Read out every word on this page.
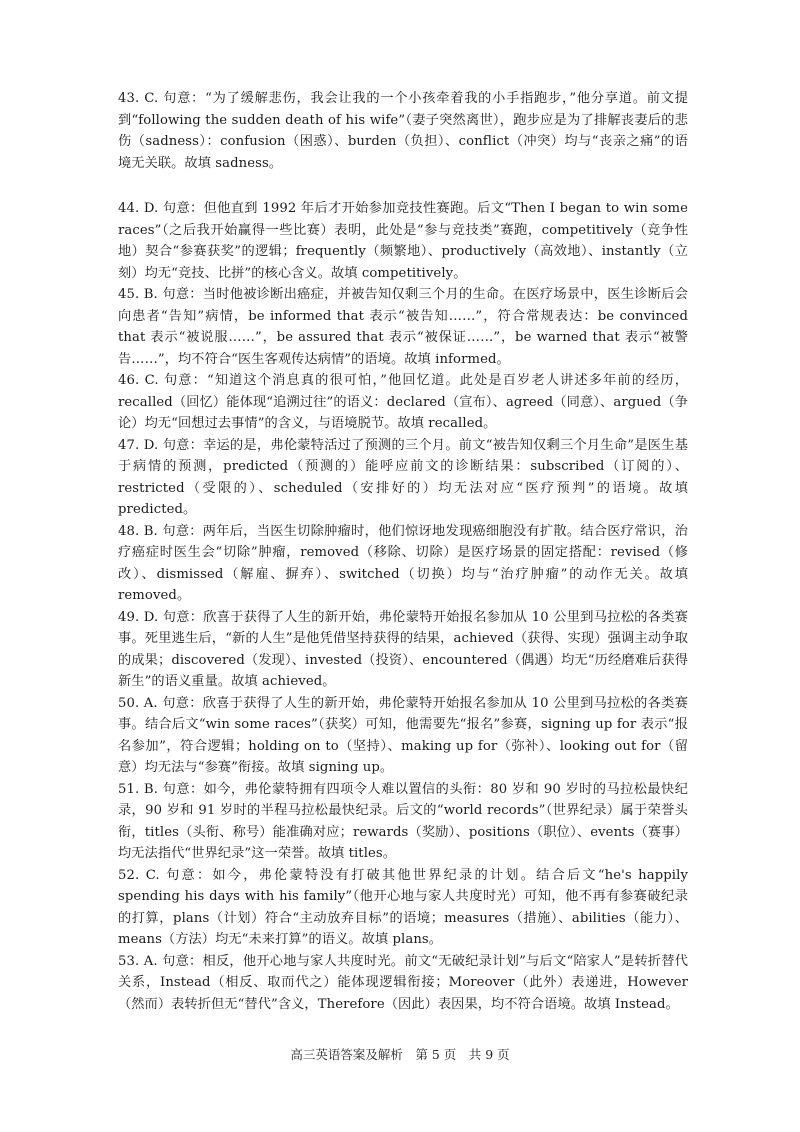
43. C. 句意：“为了缓解悲伤，我会让我的一个小孩牵着我的小手指跑步，”他分享道。前文提到“following the sudden death of his wife”（妻子突然离世），跑步应是为了排解丧妻后的悲伤（sadness）：confusion（困惑）、burden（负担）、conflict（冲突）均与“丧亲之痛”的语境无关联。故填 sadness。

44. D. 句意：但他直到 1992 年后才开始参加竞技性赛跑。后文“Then I began to win some races”（之后我开始赢得一些比赛）表明，此处是“参与竞技类”赛跑，competitively（竞争性地）契合“参赛获奖”的逻辑；frequently（频繁地）、productively（高效地）、instantly（立刻）均无“竞技、比拼”的核心含义。故填 competitively。

45. B. 句意：当时他被诊断出癌症，并被告知仅剩三个月的生命。在医疗场景中，医生诊断后会向患者“告知”病情，be informed that 表示“被告知……”，符合常规表达：be convinced that 表示“被说服……”，be assured that 表示“被保证……”，be warned that 表示“被警告……”，均不符合“医生客观传达病情”的语境。故填 informed。

46. C. 句意：“知道这个消息真的很可怕，”他回忆道。此处是百岁老人讲述多年前的经历，recalled（回忆）能体现“追溯过往”的语义：declared（宣布）、agreed（同意）、argued（争论）均无“回想过去事情”的含义，与语境脱节。故填 recalled。

47. D. 句意：幸运的是，弗伦蒙特活过了预测的三个月。前文“被告知仅剩三个月生命”是医生基于病情的预测，predicted（预测的）能呼应前文的诊断结果：subscribed（订阅的）、restricted（受限的）、scheduled（安排好的）均无法对应“医疗预判”的语境。故填 predicted。

48. B. 句意：两年后，当医生切除肿瘤时，他们惊讶地发现癌细胞没有扩散。结合医疗常识，治疗癌症时医生会“切除”肿瘤，removed（移除、切除）是医疗场景的固定搭配：revised（修改）、dismissed（解雇、摒弃）、switched（切换）均与“治疗肿瘤”的动作无关。故填 removed。

49. D. 句意：欣喜于获得了人生的新开始，弗伦蒙特开始报名参加从 10 公里到马拉松的各类赛事。死里逃生后，“新的人生”是他凭借坚持获得的结果，achieved（获得、实现）强调主动争取的成果；discovered（发现）、invested（投资）、encountered（偶遇）均无“历经磨难后获得新生”的语义重量。故填 achieved。

50. A. 句意：欣喜于获得了人生的新开始，弗伦蒙特开始报名参加从 10 公里到马拉松的各类赛事。结合后文“win some races”（获奖）可知，他需要先“报名”参赛，signing up for 表示“报名参加”，符合逻辑；holding on to（坚持）、making up for（弥补）、looking out for（留意）均无法与“参赛”衔接。故填 signing up。

51. B. 句意：如今，弗伦蒙特拥有四项令人难以置信的头衔：80 岁和 90 岁时的马拉松最快纪录，90 岁和 91 岁时的半程马拉松最快纪录。后文的“world records”（世界纪录）属于荣誉头衔，titles（头衔、称号）能准确对应；rewards（奖励）、positions（职位）、events（赛事）均无法指代“世界纪录”这一荣誉。故填 titles。

52. C. 句意：如今，弗伦蒙特没有打破其他世界纪录的计划。结合后文“he's happily spending his days with his family”（他开心地与家人共度时光）可知，他不再有参赛破纪录的打算，plans（计划）符合“主动放弃目标”的语境；measures（措施）、abilities（能力）、means（方法）均无“未来打算”的语义。故填 plans。

53. A. 句意：相反，他开心地与家人共度时光。前文“无破纪录计划”与后文“陪家人”是转折替代关系，Instead（相反、取而代之）能体现逻辑衔接；Moreover（此外）表递进，However（然而）表转折但无“替代”含义，Therefore（因此）表因果，均不符合语境。故填 Instead。

高三英语答案及解析　第 5 页　共 9 页
